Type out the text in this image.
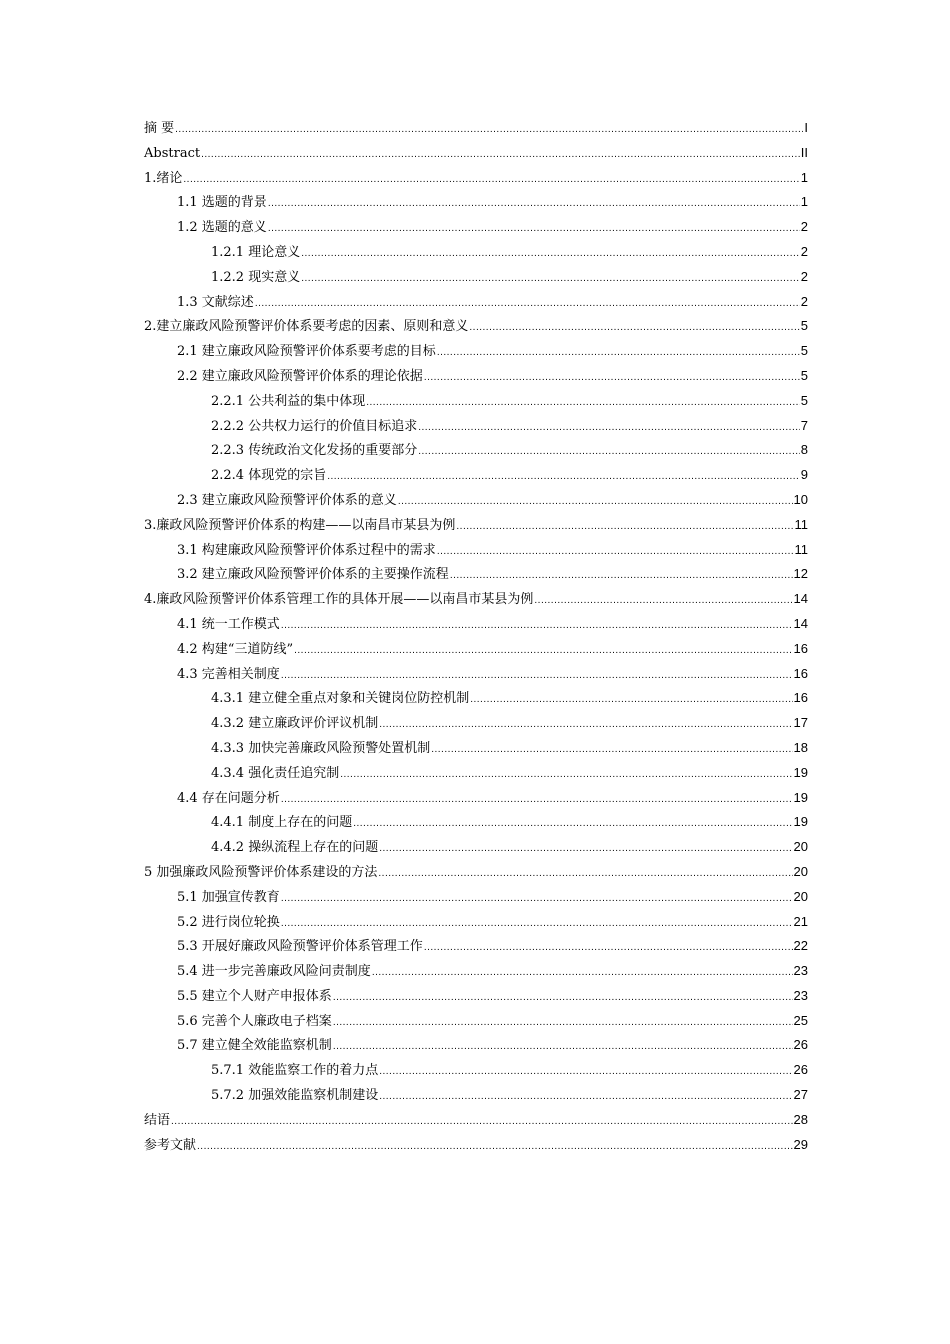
摘 要 .....	I
Abstract .....	II
1.绪论 .....	1
1.1 选题的背景 .....	1
1.2 选题的意义 .....	2
1.2.1 理论意义 .....	2
1.2.2 现实意义 .....	2
1.3 文献综述 .....	2
2.建立廉政风险预警评价体系要考虑的因素、原则和意义 .....	5
2.1 建立廉政风险预警评价体系要考虑的目标 .....	5
2.2 建立廉政风险预警评价体系的理论依据 .....	5
2.2.1 公共利益的集中体现 .....	5
2.2.2 公共权力运行的价值目标追求 .....	7
2.2.3 传统政治文化发扬的重要部分 .....	8
2.2.4 体现党的宗旨 .....	9
2.3 建立廉政风险预警评价体系的意义 .....	10
3.廉政风险预警评价体系的构建——以南昌市某县为例 .....	11
3.1 构建廉政风险预警评价体系过程中的需求 .....	11
3.2 建立廉政风险预警评价体系的主要操作流程 .....	12
4.廉政风险预警评价体系管理工作的具体开展——以南昌市某县为例 .....	14
4.1 统一工作模式 .....	14
4.2 构建“三道防线” .....	16
4.3 完善相关制度 .....	16
4.3.1 建立健全重点对象和关键岗位防控机制 .....	16
4.3.2 建立廉政评价评议机制 .....	17
4.3.3 加快完善廉政风险预警处置机制 .....	18
4.3.4 强化责任追究制 .....	19
4.4 存在问题分析 .....	19
4.4.1 制度上存在的问题 .....	19
4.4.2 操纵流程上存在的问题 .....	20
5 加强廉政风险预警评价体系建设的方法 .....	20
5.1 加强宣传教育 .....	20
5.2 进行岗位轮换 .....	21
5.3 开展好廉政风险预警评价体系管理工作 .....	22
5.4 进一步完善廉政风险问责制度 .....	23
5.5 建立个人财产申报体系 .....	23
5.6 完善个人廉政电子档案 .....	25
5.7 建立健全效能监察机制 .....	26
5.7.1 效能监察工作的着力点 .....	26
5.7.2 加强效能监察机制建设 .....	27
结语 .....	28
参考文献 .....	29
